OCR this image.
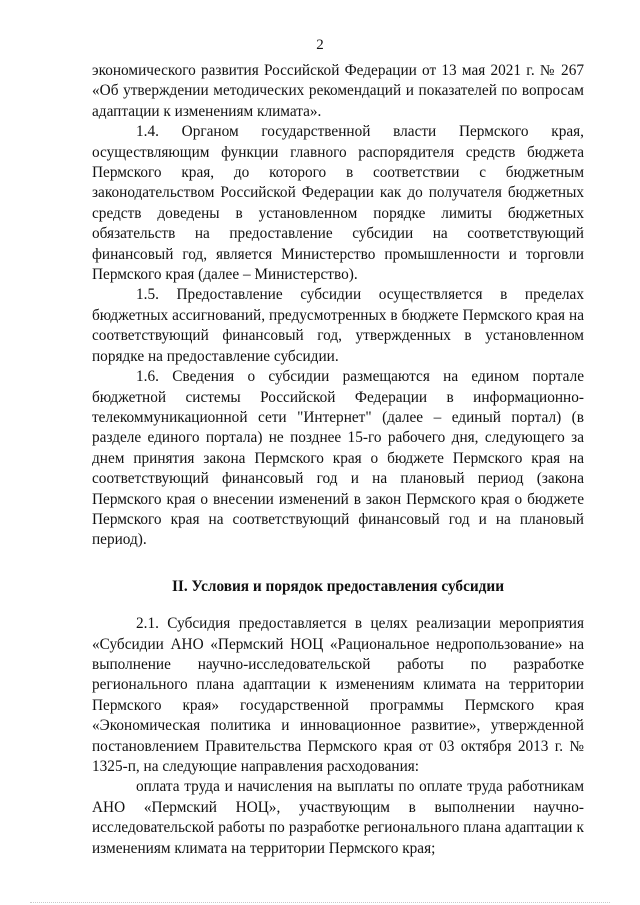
2

экономического развития Российской Федерации от 13 мая 2021 г. № 267 «Об утверждении методических рекомендаций и показателей по вопросам адаптации к изменениям климата».

1.4. Органом государственной власти Пермского края, осуществляющим функции главного распорядителя средств бюджета Пермского края, до которого в соответствии с бюджетным законодательством Российской Федерации как до получателя бюджетных средств доведены в установленном порядке лимиты бюджетных обязательств на предоставление субсидии на соответствующий финансовый год, является Министерство промышленности и торговли Пермского края (далее – Министерство).

1.5. Предоставление субсидии осуществляется в пределах бюджетных ассигнований, предусмотренных в бюджете Пермского края на соответствующий финансовый год, утвержденных в установленном порядке на предоставление субсидии.

1.6. Сведения о субсидии размещаются на едином портале бюджетной системы Российской Федерации в информационно-телекоммуникационной сети "Интернет" (далее – единый портал) (в разделе единого портала) не позднее 15-го рабочего дня, следующего за днем принятия закона Пермского края о бюджете Пермского края на соответствующий финансовый год и на плановый период (закона Пермского края о внесении изменений в закон Пермского края о бюджете Пермского края на соответствующий финансовый год и на плановый период).

II. Условия и порядок предоставления субсидии

2.1. Субсидия предоставляется в целях реализации мероприятия «Субсидии АНО «Пермский НОЦ «Рациональное недропользование» на выполнение научно-исследовательской работы по разработке регионального плана адаптации к изменениям климата на территории Пермского края» государственной программы Пермского края «Экономическая политика и инновационное развитие», утвержденной постановлением Правительства Пермского края от 03 октября 2013 г. № 1325-п, на следующие направления расходования:

оплата труда и начисления на выплаты по оплате труда работникам АНО «Пермский НОЦ», участвующим в выполнении научно-исследовательской работы по разработке регионального плана адаптации к изменениям климата на территории Пермского края;
